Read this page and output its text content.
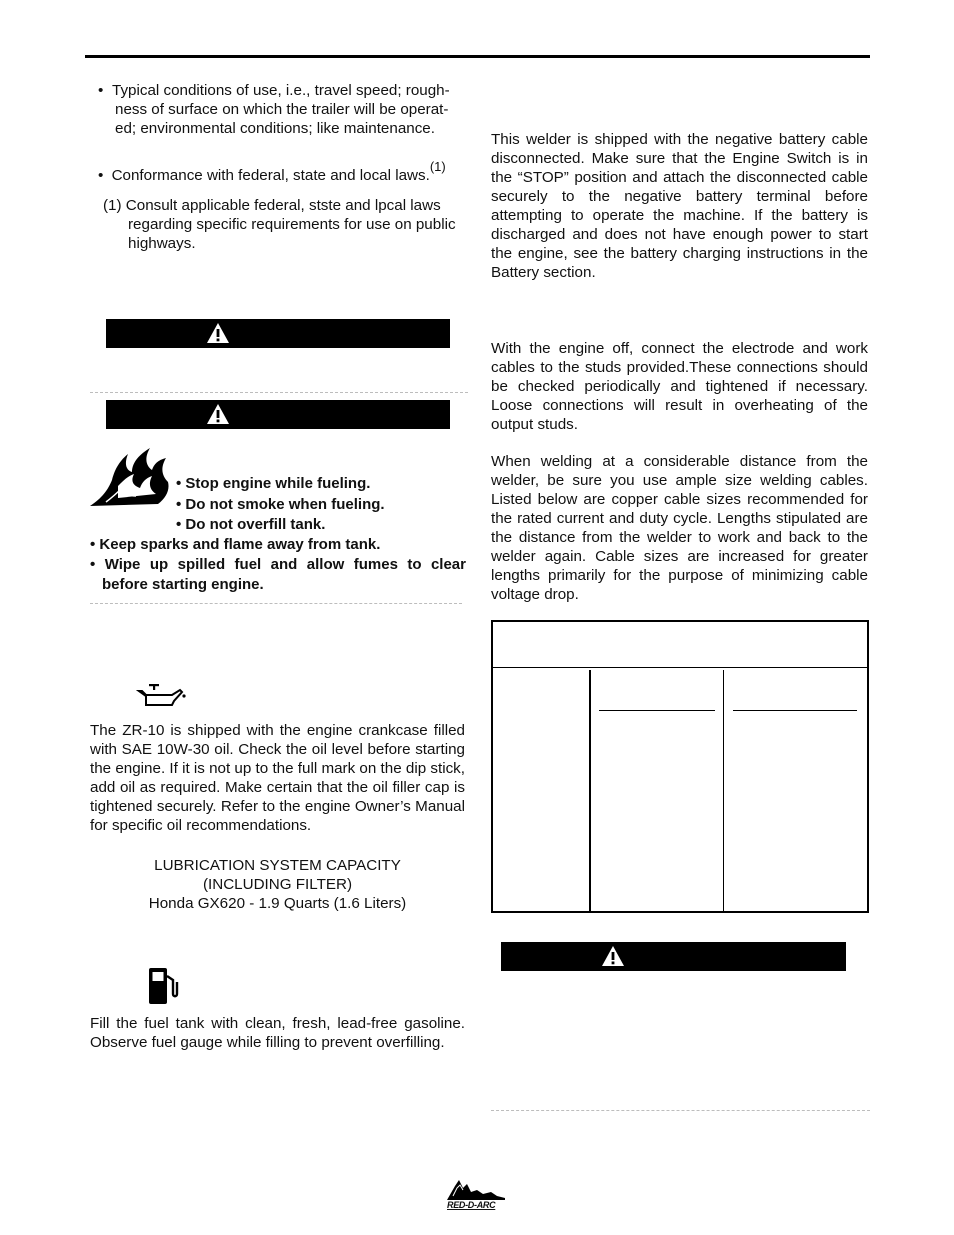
• Typical conditions of use, i.e., travel speed; rough-
ness of surface on which the trailer will be operat-
ed; environmental conditions; like maintenance.
• Conformance with federal, state and local laws.$^{(1)}$
(1) Consult applicable federal, stste and lpcal laws
regarding specific requirements for use on public
highways.
• Stop engine while fueling.
• Do not smoke when fueling.
• Do not overfill tank.
• Keep sparks and flame away from tank.
• Wipe up spilled fuel and allow fumes to clear
before starting engine.
The ZR-10 is shipped with the engine crankcase filled with SAE 10W-30 oil. Check the oil level before starting the engine. If it is not up to the full mark on the dip stick, add oil as required. Make certain that the oil filler cap is tightened securely. Refer to the engine Owner’s Manual for specific oil recommendations.
LUBRICATION SYSTEM CAPACITY
(INCLUDING FILTER)
Honda GX620 - 1.9 Quarts (1.6 Liters)
Fill the fuel tank with clean, fresh, lead-free gasoline. Observe fuel gauge while filling to prevent overfilling.
This welder is shipped with the negative battery cable disconnected. Make sure that the Engine Switch is in the “STOP” position and attach the disconnected cable securely to the negative battery terminal before attempting to operate the machine. If the battery is discharged and does not have enough power to start the engine, see the battery charging instructions in the Battery section.
With the engine off, connect the electrode and work cables to the studs provided.These connections should be checked periodically and tightened if necessary. Loose connections will result in overheating of the output studs.
When welding at a considerable distance from the welder, be sure you use ample size welding cables. Listed below are copper cable sizes recommended for the rated current and duty cycle. Lengths stipulated are the distance from the welder to work and back to the welder again. Cable sizes are increased for greater lengths primarily for the purpose of minimizing cable voltage drop.
RED-D-ARC
